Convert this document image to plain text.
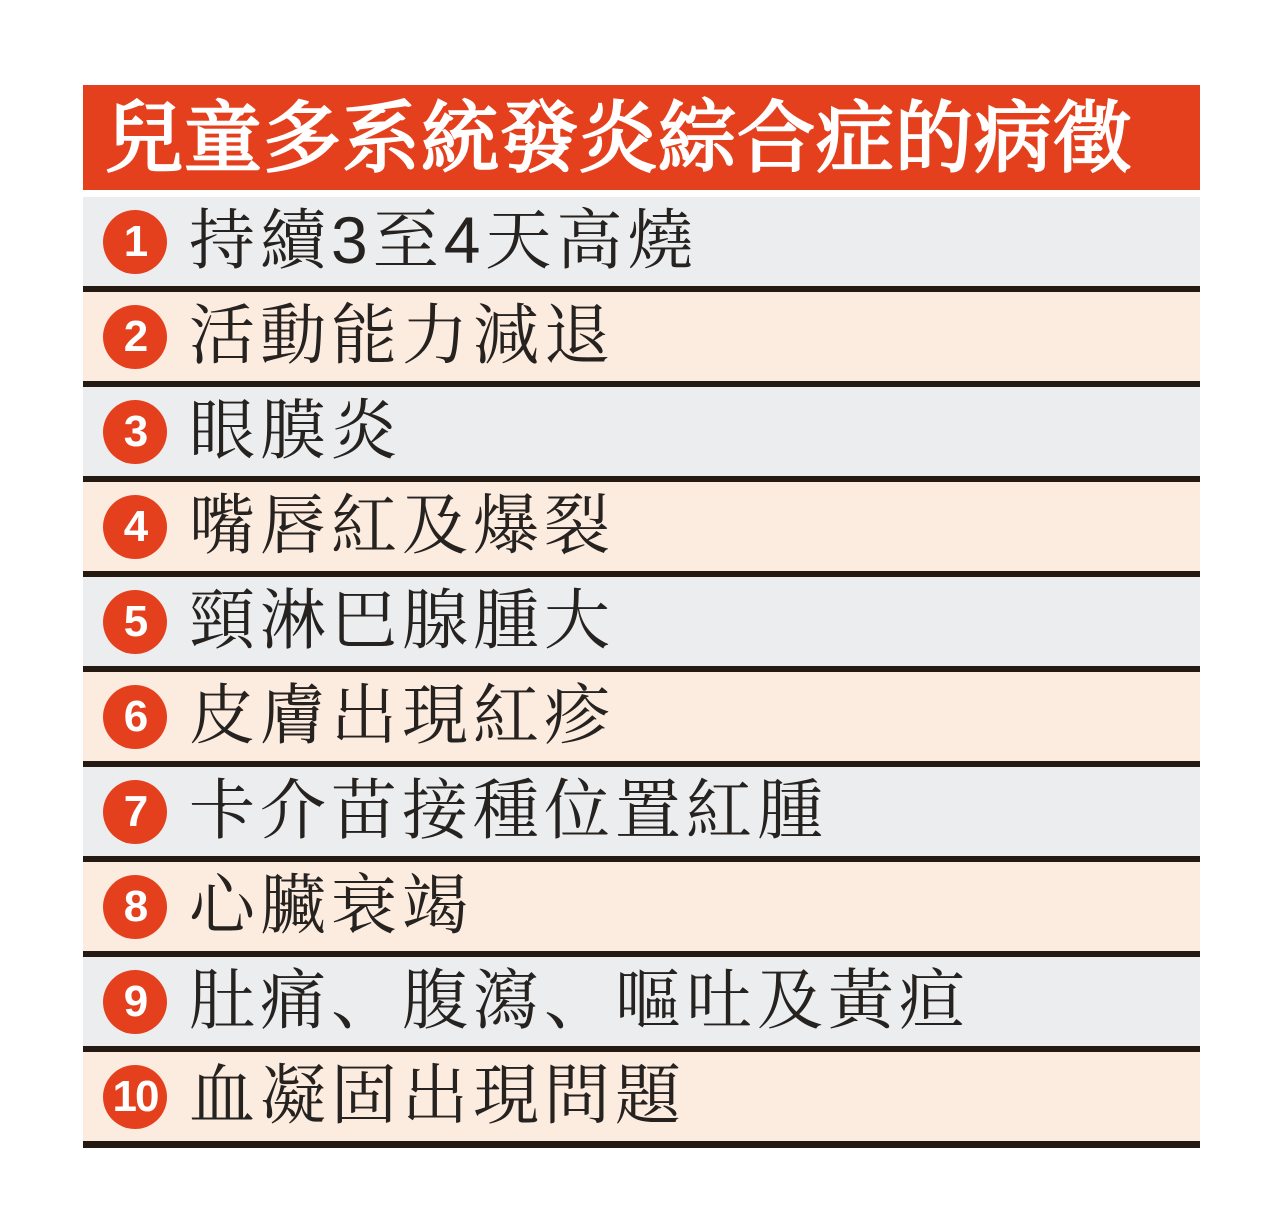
兒童多系統發炎綜合症的病徵
1 持續3至4天高燒
2 活動能力減退
3 眼膜炎
4 嘴唇紅及爆裂
5 頸淋巴腺腫大
6 皮膚出現紅疹
7 卡介苗接種位置紅腫
8 心臟衰竭
9 肚痛、腹瀉、嘔吐及黃疸
10 血凝固出現問題
